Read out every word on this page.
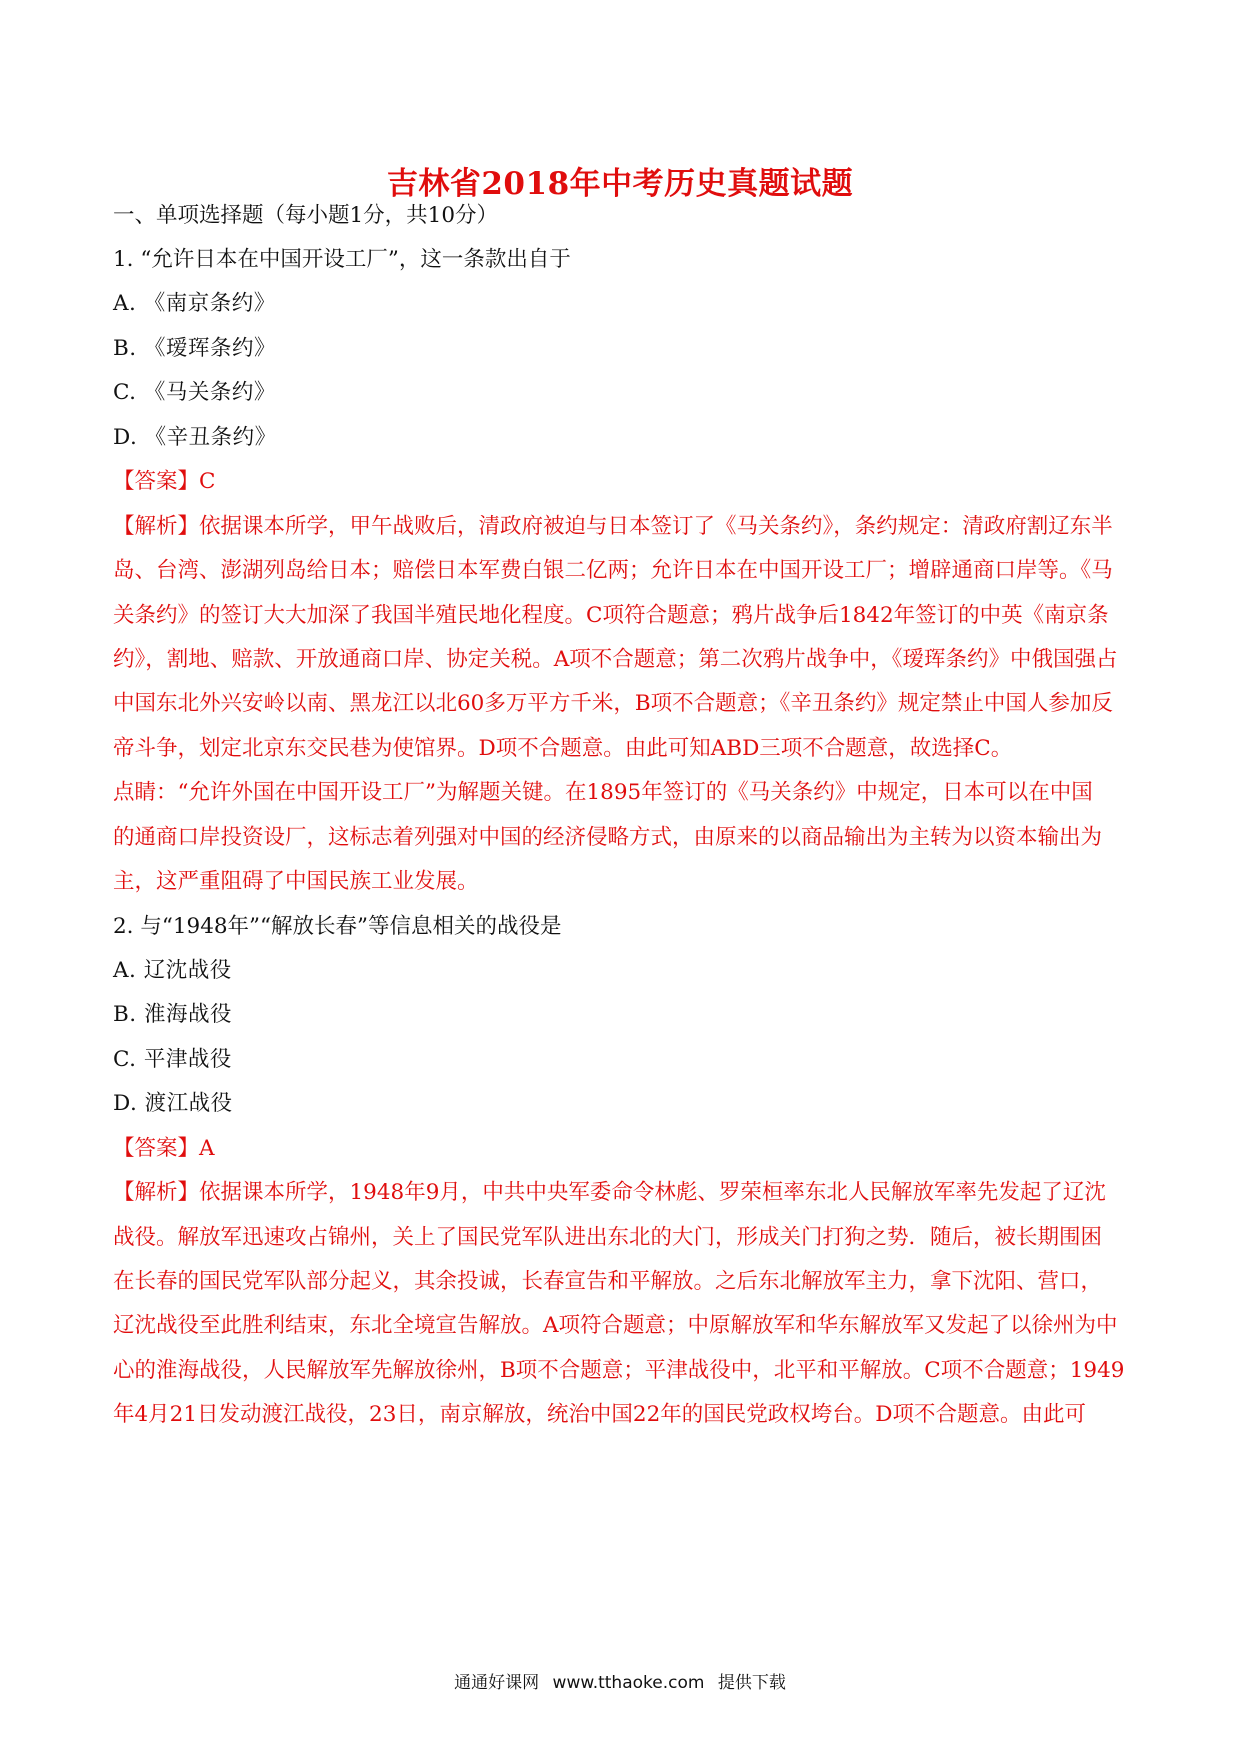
吉林省2018年中考历史真题试题
一、单项选择题（每小题1分，共10分）
1. “允许日本在中国开设工厂”，这一条款出自于
A. 《南京条约》
B. 《瑷珲条约》
C. 《马关条约》
D. 《辛丑条约》
【答案】C
【解析】依据课本所学，甲午战败后，清政府被迫与日本签订了《马关条约》，条约规定：清政府割辽东半
岛、台湾、澎湖列岛给日本；赔偿日本军费白银二亿两；允许日本在中国开设工厂；增辟通商口岸等。《马
关条约》的签订大大加深了我国半殖民地化程度。C项符合题意；鸦片战争后1842年签订的中英《南京条
约》，割地、赔款、开放通商口岸、协定关税。A项不合题意；第二次鸦片战争中，《瑷珲条约》中俄国强占
中国东北外兴安岭以南、黑龙江以北60多万平方千米，B项不合题意；《辛丑条约》规定禁止中国人参加反
帝斗争，划定北京东交民巷为使馆界。D项不合题意。由此可知ABD三项不合题意，故选择C。
点睛：“允许外国在中国开设工厂”为解题关键。在1895年签订的《马关条约》中规定，日本可以在中国
的通商口岸投资设厂，这标志着列强对中国的经济侵略方式，由原来的以商品输出为主转为以资本输出为
主，这严重阻碍了中国民族工业发展。
2. 与“1948年”“解放长春”等信息相关的战役是
A. 辽沈战役
B. 淮海战役
C. 平津战役
D. 渡江战役
【答案】A
【解析】依据课本所学，1948年9月，中共中央军委命令林彪、罗荣桓率东北人民解放军率先发起了辽沈
战役。解放军迅速攻占锦州，关上了国民党军队进出东北的大门，形成关门打狗之势．随后，被长期围困
在长春的国民党军队部分起义，其余投诚，长春宣告和平解放。之后东北解放军主力，拿下沈阳、营口，
辽沈战役至此胜利结束，东北全境宣告解放。A项符合题意；中原解放军和华东解放军又发起了以徐州为中
心的淮海战役，人民解放军先解放徐州，B项不合题意；平津战役中，北平和平解放。C项不合题意；1949
年4月21日发动渡江战役，23日，南京解放，统治中国22年的国民党政权垮台。D项不合题意。由此可
通通好课网 www.tthaoke.com 提供下载
